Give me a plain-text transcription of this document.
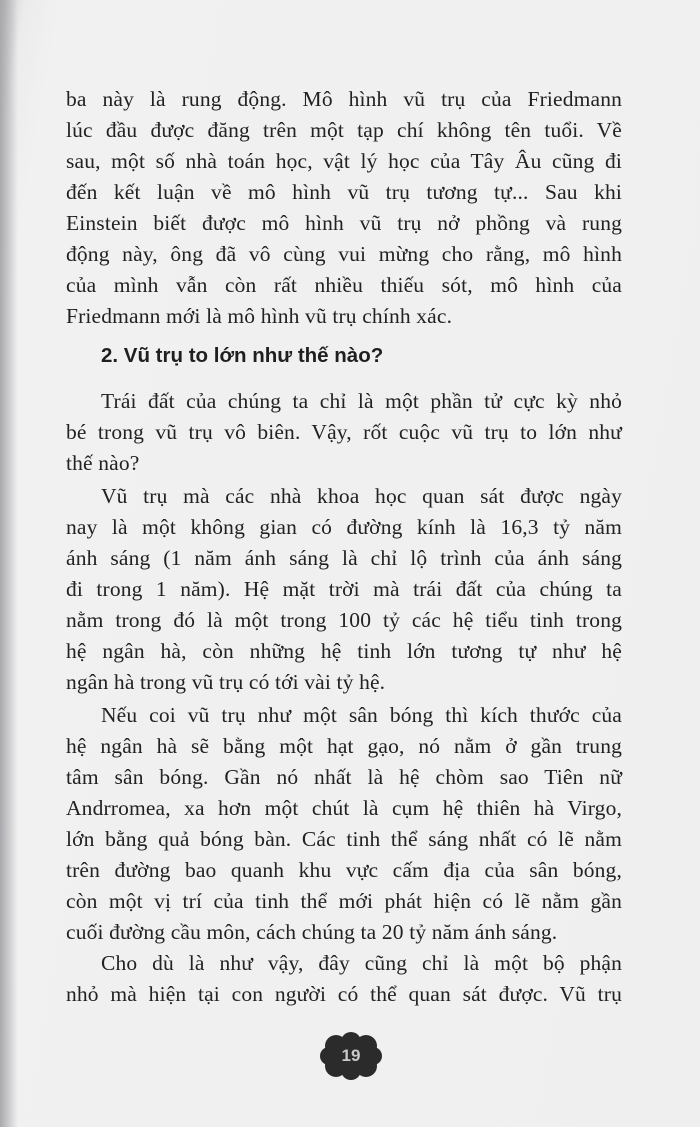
ba này là rung động. Mô hình vũ trụ của Friedmann
lúc đầu được đăng trên một tạp chí không tên tuổi. Về
sau, một số nhà toán học, vật lý học của Tây Âu cũng đi
đến kết luận về mô hình vũ trụ tương tự... Sau khi
Einstein biết được mô hình vũ trụ nở phồng và rung
động này, ông đã vô cùng vui mừng cho rằng, mô hình
của mình vẫn còn rất nhiều thiếu sót, mô hình của
Friedmann mới là mô hình vũ trụ chính xác.
2. Vũ trụ to lớn như thế nào?
Trái đất của chúng ta chỉ là một phần tử cực kỳ nhỏ
bé trong vũ trụ vô biên. Vậy, rốt cuộc vũ trụ to lớn như
thế nào?
Vũ trụ mà các nhà khoa học quan sát được ngày
nay là một không gian có đường kính là 16,3 tỷ năm
ánh sáng (1 năm ánh sáng là chỉ lộ trình của ánh sáng
đi trong 1 năm). Hệ mặt trời mà trái đất của chúng ta
nằm trong đó là một trong 100 tỷ các hệ tiểu tinh trong
hệ ngân hà, còn những hệ tinh lớn tương tự như hệ
ngân hà trong vũ trụ có tới vài tỷ hệ.
Nếu coi vũ trụ như một sân bóng thì kích thước của
hệ ngân hà sẽ bằng một hạt gạo, nó nằm ở gần trung
tâm sân bóng. Gần nó nhất là hệ chòm sao Tiên nữ
Andrromea, xa hơn một chút là cụm hệ thiên hà Virgo,
lớn bằng quả bóng bàn. Các tinh thể sáng nhất có lẽ nằm
trên đường bao quanh khu vực cấm địa của sân bóng,
còn một vị trí của tinh thể mới phát hiện có lẽ nằm gần
cuối đường cầu môn, cách chúng ta 20 tỷ năm ánh sáng.
Cho dù là như vậy, đây cũng chỉ là một bộ phận
nhỏ mà hiện tại con người có thể quan sát được. Vũ trụ
19
